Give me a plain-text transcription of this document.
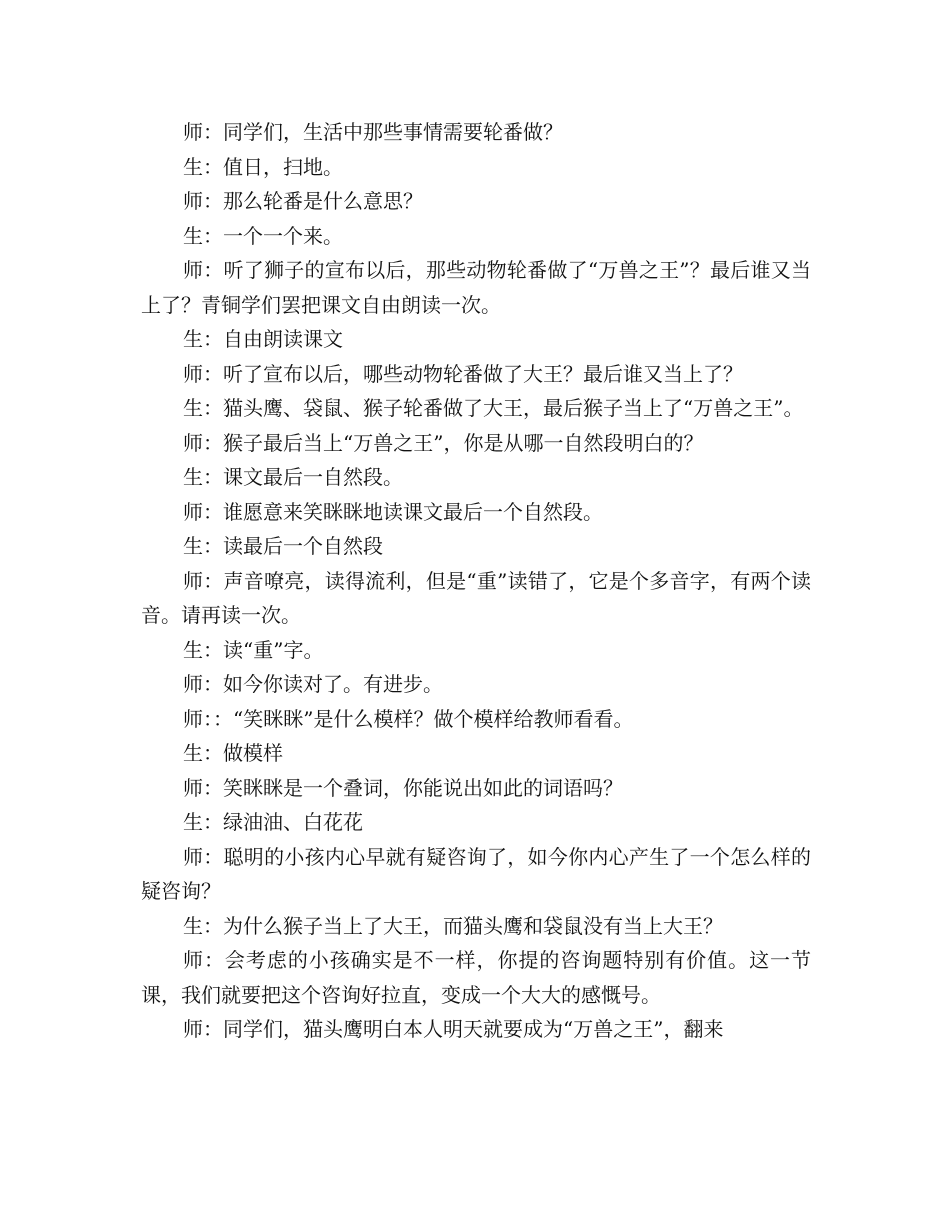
师：同学们，生活中那些事情需要轮番做？

生：值日，扫地。

师：那么轮番是什么意思？

生：一个一个来。

师：听了狮子的宣布以后，那些动物轮番做了“万兽之王”？最后谁又当上了？青铜学们罢把课文自由朗读一次。

生：自由朗读课文

师：听了宣布以后，哪些动物轮番做了大王？最后谁又当上了？

生：猫头鹰、袋鼠、猴子轮番做了大王，最后猴子当上了“万兽之王”。

师：猴子最后当上“万兽之王”，你是从哪一自然段明白的？

生：课文最后一自然段。

师：谁愿意来笑眯眯地读课文最后一个自然段。

生：读最后一个自然段

师：声音嘹亮，读得流利，但是“重”读错了，它是个多音字，有两个读音。请再读一次。

生：读“重”字。

师：如今你读对了。有进步。

师：：“笑眯眯”是什么模样？做个模样给教师看看。

生：做模样

师：笑眯眯是一个叠词，你能说出如此的词语吗？

生：绿油油、白花花

师：聪明的小孩内心早就有疑咨询了，如今你内心产生了一个怎么样的疑咨询？

生：为什么猴子当上了大王，而猫头鹰和袋鼠没有当上大王？

师：会考虑的小孩确实是不一样，你提的咨询题特别有价值。这一节课，我们就要把这个咨询好拉直，变成一个大大的感慨号。

师：同学们，猫头鹰明白本人明天就要成为“万兽之王”，翻来
